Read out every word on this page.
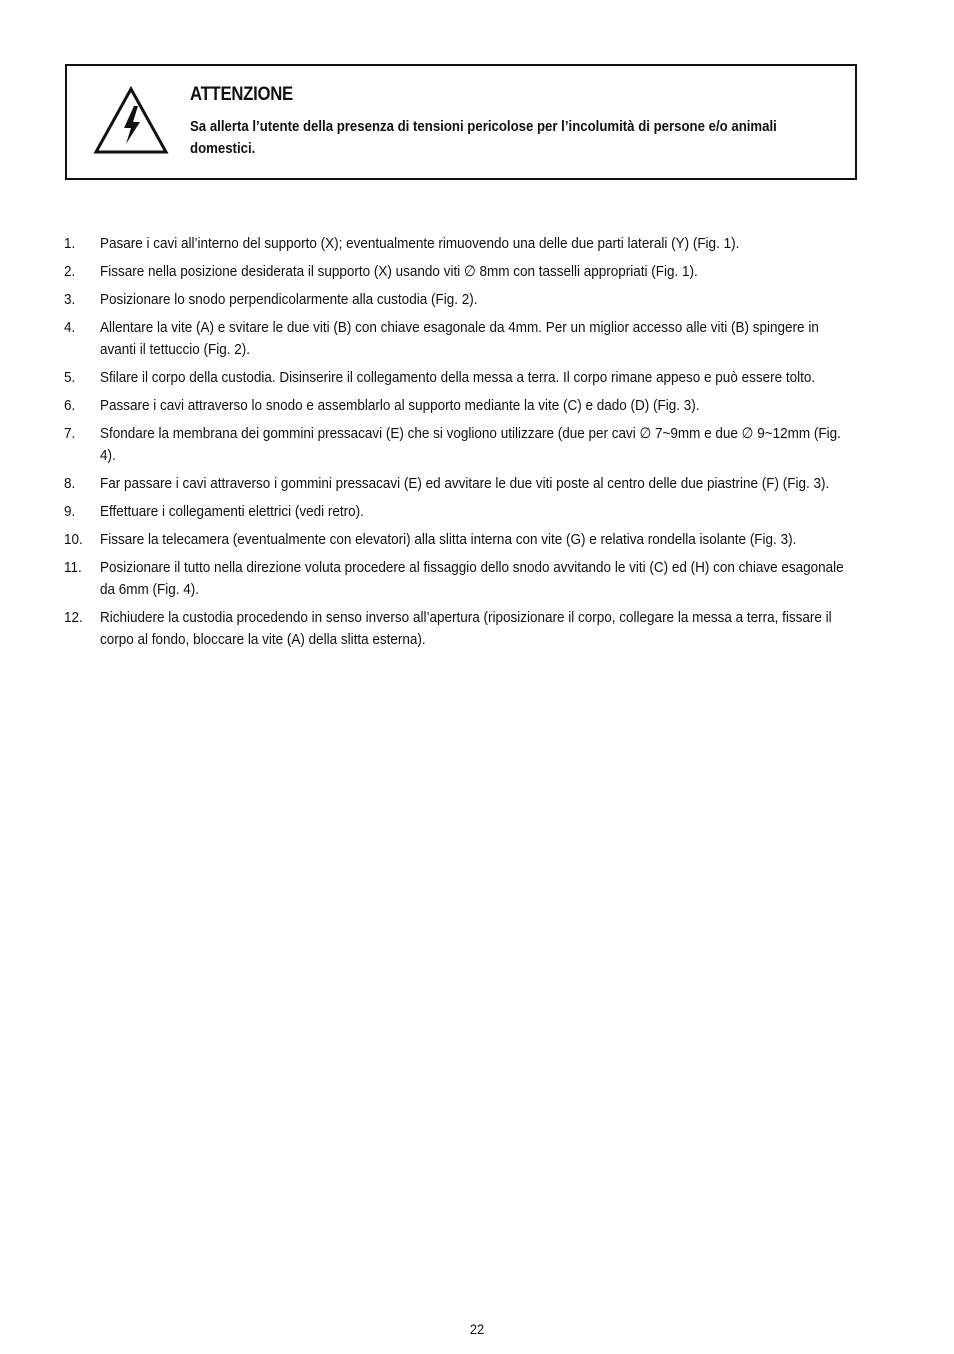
ATTENZIONE
Sa allerta l’utente della presenza di tensioni pericolose per l’incolumità di persone e/o animali domestici.
1. Pasare i cavi all’interno del supporto (X); eventualmente rimuovendo una delle due parti laterali (Y) (Fig. 1).
2. Fissare nella posizione desiderata il supporto (X) usando viti ∅ 8mm con tasselli appropriati (Fig. 1).
3. Posizionare lo snodo perpendicolarmente alla custodia (Fig. 2).
4. Allentare la vite (A) e svitare le due viti (B) con chiave esagonale da 4mm. Per un miglior accesso alle viti (B) spingere in avanti il tettuccio (Fig. 2).
5. Sfilare il corpo della custodia. Disinserire il collegamento della messa a terra. Il corpo rimane appeso e può essere tolto.
6. Passare i cavi attraverso lo snodo e assemblarlo al supporto mediante la vite (C) e dado (D) (Fig. 3).
7. Sfondare la membrana dei gommini pressacavi (E) che si vogliono utilizzare (due per cavi ∅ 7~9mm e due ∅ 9~12mm (Fig. 4).
8. Far passare i cavi attraverso i gommini pressacavi (E) ed avvitare le due viti poste al centro delle due piastrine (F) (Fig. 3).
9. Effettuare i collegamenti elettrici (vedi retro).
10. Fissare la telecamera (eventualmente con elevatori) alla slitta interna con vite (G) e relativa rondella isolante (Fig. 3).
11. Posizionare il tutto nella direzione voluta procedere al fissaggio dello snodo avvitando le viti (C) ed (H) con chiave esagonale da 6mm (Fig. 4).
12. Richiudere la custodia procedendo in senso inverso all’apertura (riposizionare il corpo, collegare la messa a terra, fissare il corpo al fondo, bloccare la vite (A) della slitta esterna).
22
